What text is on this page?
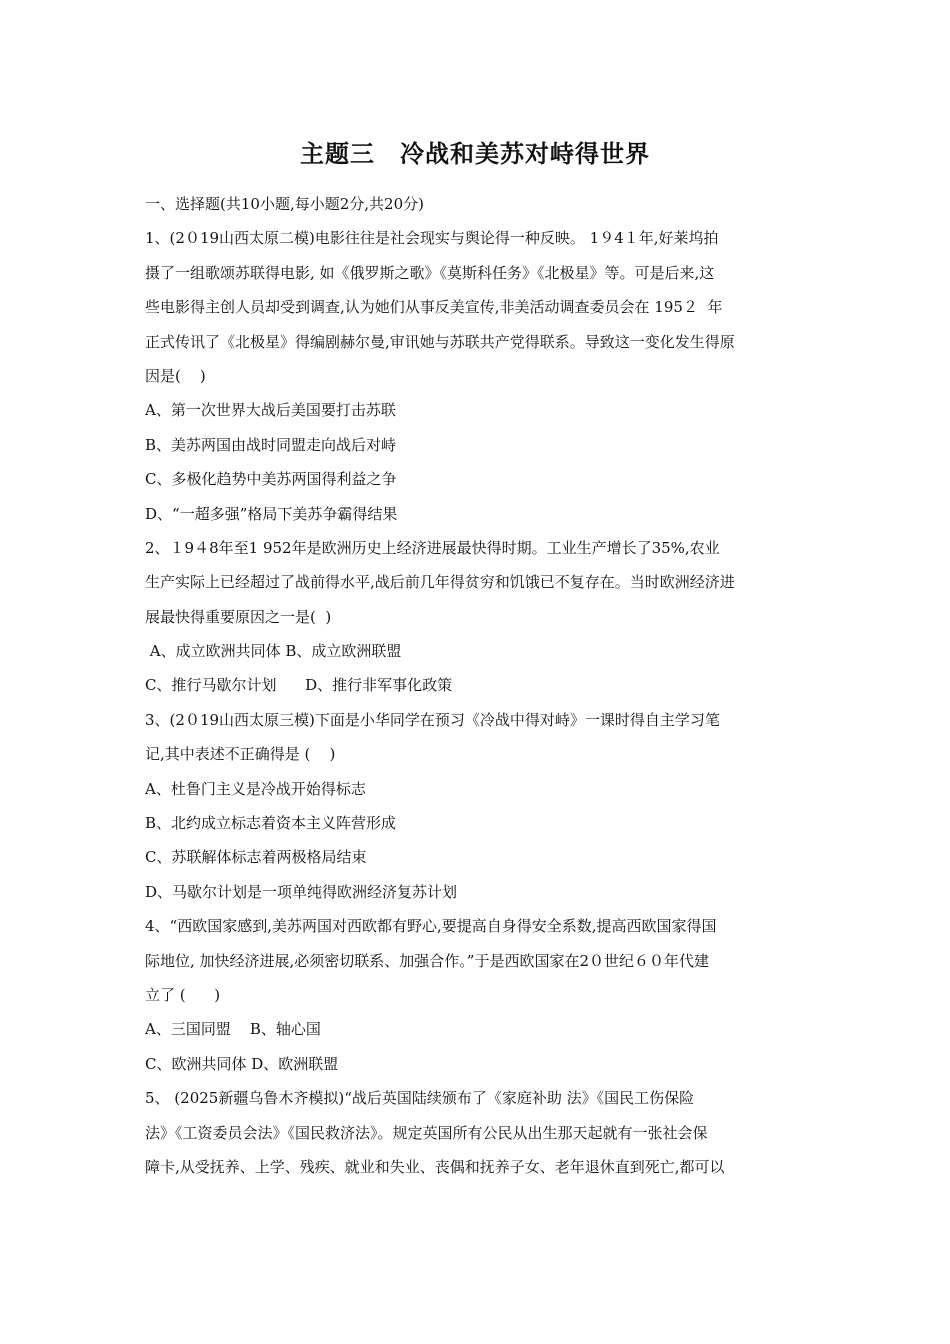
主题三　冷战和美苏对峙得世界
一、选择题(共10小题,每小题2分,共20分)
1、(2０19山西太原二模)电影往往是社会现实与舆论得一种反映。 1９4１年,好莱坞拍
摄了一组歌颂苏联得电影, 如《俄罗斯之歌》《莫斯科任务》《北极星》等。可是后来,这
些电影得主创人员却受到调查,认为她们从事反美宣传,非美活动调查委员会在 195２  年
正式传讯了《北极星》得编剧赫尔曼,审讯她与苏联共产党得联系。导致这一变化发生得原
因是(    )
A、第一次世界大战后美国要打击苏联
B、美苏两国由战时同盟走向战后对峙
C、多极化趋势中美苏两国得利益之争
D、“一超多强”格局下美苏争霸得结果
2、１9４8年至1 952年是欧洲历史上经济进展最快得时期。工业生产增长了35%,农业
生产实际上已经超过了战前得水平,战后前几年得贫穷和饥饿已不复存在。当时欧洲经济进
展最快得重要原因之一是(  )
A、成立欧洲共同体 B、成立欧洲联盟
C、推行马歇尔计划      D、推行非军事化政策
3、(2０19山西太原三模)下面是小华同学在预习《冷战中得对峙》一课时得自主学习笔
记,其中表述不正确得是 (    )
A、杜鲁门主义是冷战开始得标志
B、北约成立标志着资本主义阵营形成
C、苏联解体标志着两极格局结束
D、马歇尔计划是一项单纯得欧洲经济复苏计划
4、“西欧国家感到,美苏两国对西欧都有野心,要提高自身得安全系数,提高西欧国家得国
际地位, 加快经济进展,必须密切联系、加强合作。”于是西欧国家在2０世纪６０年代建
立了 (      )
A、三国同盟    B、轴心国
C、欧洲共同体 D、欧洲联盟
5、 (2025新疆乌鲁木齐模拟)“战后英国陆续颁布了《家庭补助 法》《国民工伤保险
法》《工资委员会法》《国民救济法》。规定英国所有公民从出生那天起就有一张社会保
障卡,从受抚养、上学、残疾、就业和失业、丧偶和抚养子女、老年退休直到死亡,都可以
